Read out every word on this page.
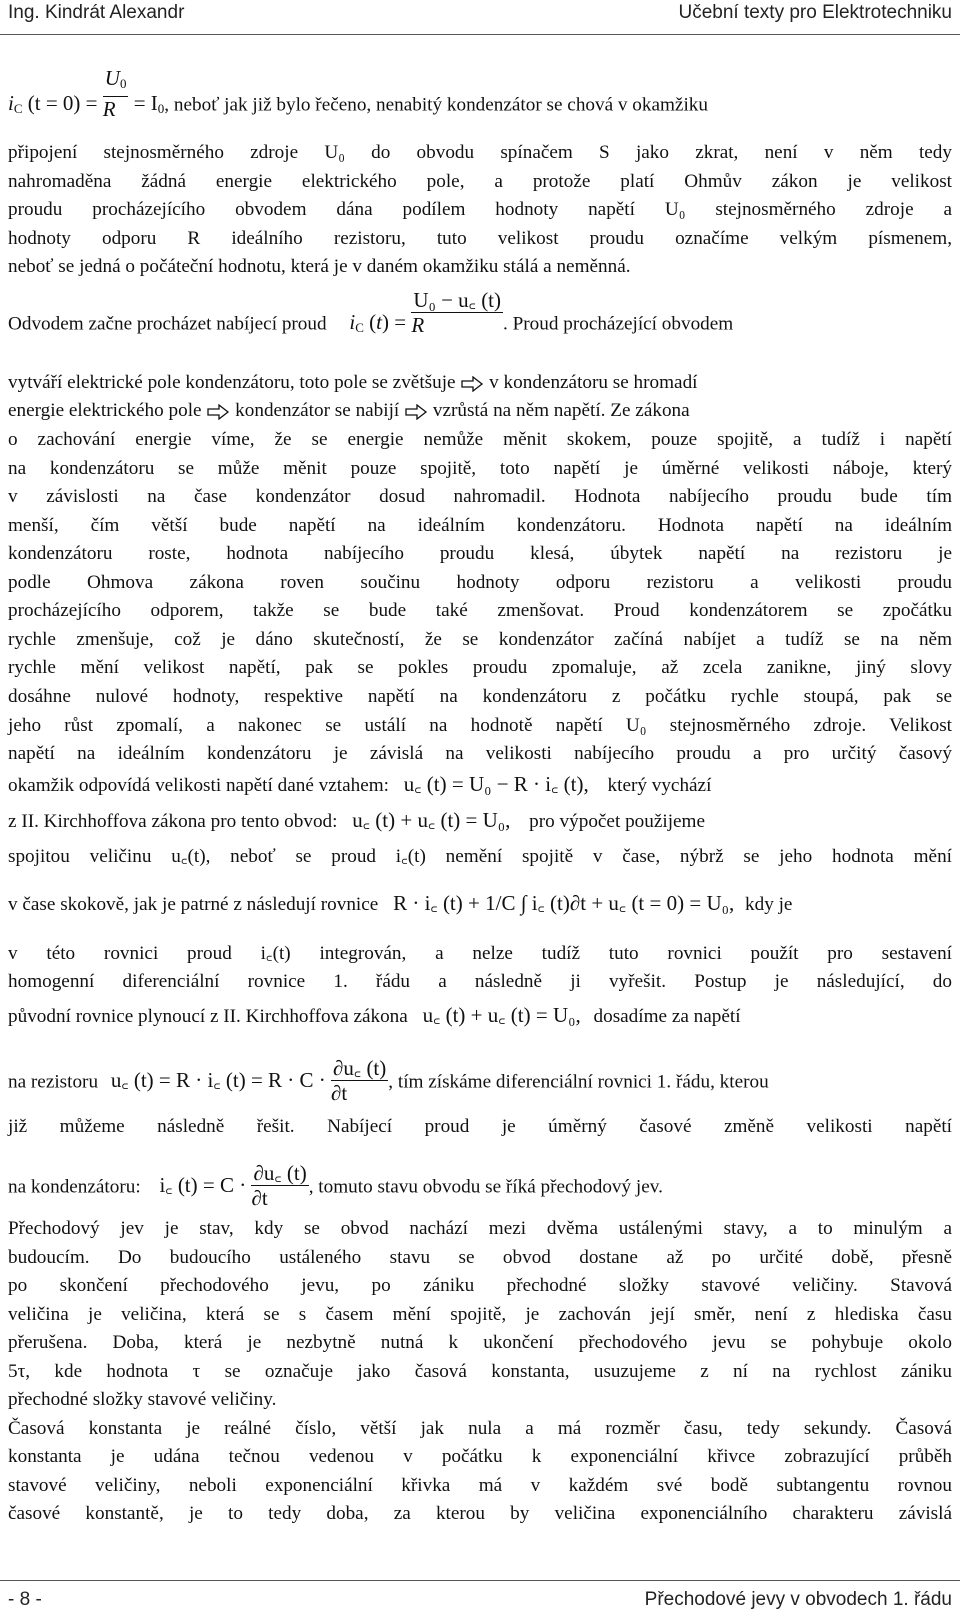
Ing. Kindrát Alexandr	Učební texty pro Elektrotechniku
$i_C$ $(t = 0) = \frac{U_0}{R} = I_0$, neboť jak již bylo řečeno, nenabitý kondenzátor se chová v okamžiku
připojení stejnosměrného zdroje U₀ do obvodu spínačem S jako zkrat, není v něm tedy
nahromaděna žádná energie elektrického pole, a protože platí Ohmův zákon je velikost
proudu procházejícího obvodem dána podílem hodnoty napětí U₀ stejnosměrného zdroje a
hodnoty odporu R ideálního rezistoru, tuto velikost proudu označíme velkým písmenem,
neboť se jedná o počáteční hodnotu, která je v daném okamžiku stálá a neměnná.
Odvodem začne procházet nabíjecí proud $i_C$ $(t) = \frac{\text{U₀ − u꜀ (t)}}{R}$ . Proud procházející obvodem
vytváří elektrické pole kondenzátoru, toto pole se zvětšuje v kondenzátoru se hromadí
energie elektrického pole kondenzátor se nabijí vzrůstá na něm napětí. Ze zákona
o zachování energie víme, že se energie nemůže měnit skokem, pouze spojitě, a tudíž i napětí
na kondenzátoru se může měnit pouze spojitě, toto napětí je úměrné velikosti náboje, který
v závislosti na čase kondenzátor dosud nahromadil. Hodnota nabíjecího proudu bude tím
menší, čím větší bude napětí na ideálním kondenzátoru. Hodnota napětí na ideálním
kondenzátoru roste, hodnota nabíjecího proudu klesá, úbytek napětí na rezistoru je
podle Ohmova zákona roven součinu hodnoty odporu rezistoru a velikosti proudu
procházejícího odporem, takže se bude také zmenšovat. Proud kondenzátorem se zpočátku
rychle zmenšuje, což je dáno skutečností, že se kondenzátor začíná nabíjet a tudíž se na něm
rychle mění velikost napětí, pak se pokles proudu zpomaluje, až zcela zanikne, jiný slovy
dosáhne nulové hodnoty, respektive napětí na kondenzátoru z počátku rychle stoupá, pak se
jeho růst zpomalí, a nakonec se ustálí na hodnotě napětí U₀ stejnosměrného zdroje. Velikost
napětí na ideálním kondenzátoru je závislá na velikosti nabíjecího proudu a pro určitý časový
okamžik odpovídá velikosti napětí dané vztahem: u꜀ (t) = U₀ − R · i꜀ (t), který vychází
z II. Kirchhoffova zákona pro tento obvod: u꜀ (t) + u꜀ (t) = U₀, pro výpočet použijeme
spojitou veličinu u꜀(t), neboť se proud i꜀(t) nemění spojitě v čase, nýbrž se jeho hodnota mění
v čase skokově, jak je patrné z následují rovnice R · i꜀ (t) + 1/C ∫ i꜀ (t)∂t + u꜀ (t = 0) = U₀, kdy je
v této rovnici proud i꜀(t) integrován, a nelze tudíž tuto rovnici použít pro sestavení
homogenní diferenciální rovnice 1. řádu a následně ji vyřešit. Postup je následující, do
původní rovnice plynoucí z II. Kirchhoffova zákona u꜀ (t) + u꜀ (t) = U₀, dosadíme za napětí
na rezistoru u꜀ (t) = R · i꜀ $(t) = R \cdot C \cdot \frac{\partial u꜀ (t)}{\partial t}$ , tím získáme diferenciální rovnici 1. řádu, kterou
již můžeme následně řešit. Nabíjecí proud je úměrný časové změně velikosti napětí
na kondenzátoru: i꜀ $(t) = C \cdot \frac{\partial u꜀ (t)}{\partial t}$ , tomuto stavu obvodu se říká přechodový jev.
Přechodový jev je stav, kdy se obvod nachází mezi dvěma ustálenými stavy, a to minulým a
budoucím. Do budoucího ustáleného stavu se obvod dostane až po určité době, přesně
po skončení přechodového jevu, po zániku přechodné složky stavové veličiny. Stavová
veličina je veličina, která se s časem mění spojitě, je zachován její směr, není z hlediska času
přerušena. Doba, která je nezbytně nutná k ukončení přechodového jevu se pohybuje okolo
5τ, kde hodnota τ se označuje jako časová konstanta, usuzujeme z ní na rychlost zániku
přechodné složky stavové veličiny.
Časová konstanta je reálné číslo, větší jak nula a má rozměr času, tedy sekundy. Časová
konstanta je udána tečnou vedenou v počátku k exponenciální křivce zobrazující průběh
stavové veličiny, neboli exponenciální křivka má v každém své bodě subtangentu rovnou
časové konstantě, je to tedy doba, za kterou by veličina exponenciálního charakteru závislá
- 8 -	Přechodové jevy v obvodech 1. řádu
